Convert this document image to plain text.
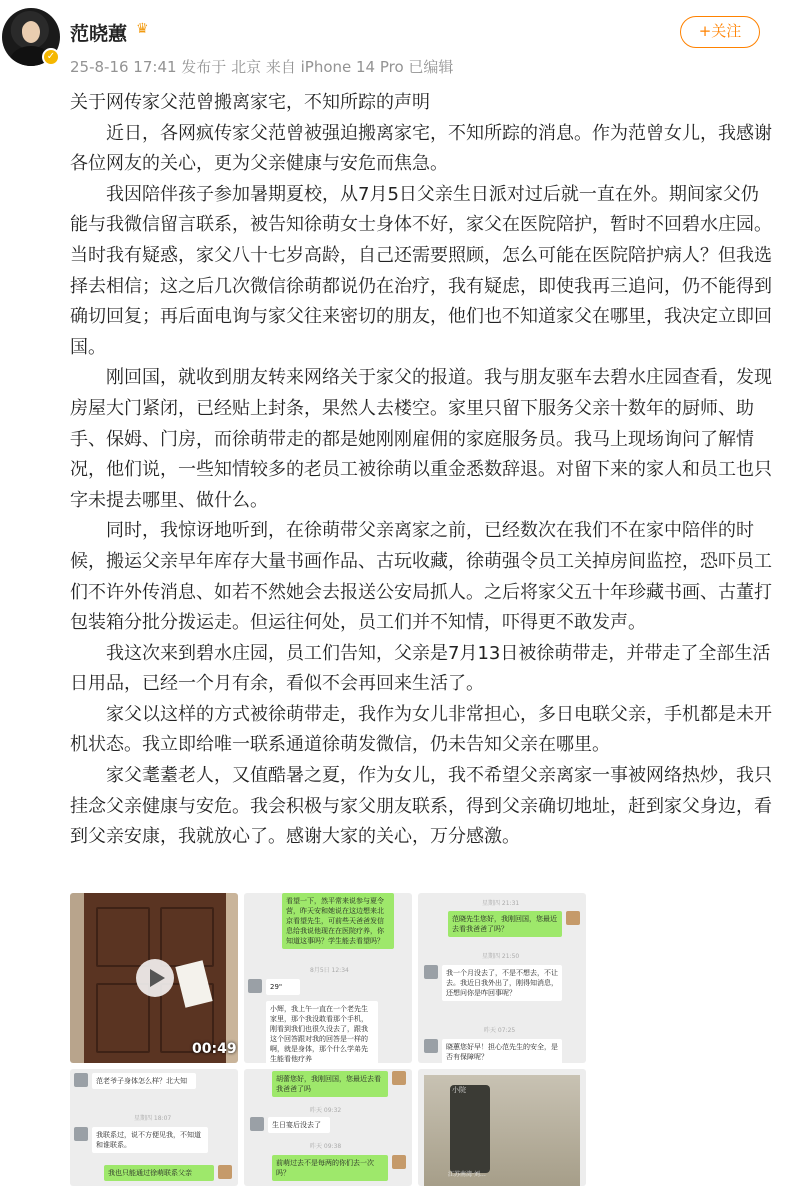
✓
范晓蕙 ♛
25-8-16 17:41 发布于 北京 来自 iPhone 14 Pro 已编辑
+关注

关于网传家父范曾搬离家宅，不知所踪的声明

近日，各网疯传家父范曾被强迫搬离家宅，不知所踪的消息。作为范曾女儿，我感谢各位网友的关心，更为父亲健康与安危而焦急。

我因陪伴孩子参加暑期夏校，从7月5日父亲生日派对过后就一直在外。期间家父仍能与我微信留言联系，被告知徐萌女士身体不好，家父在医院陪护，暂时不回碧水庄园。当时我有疑惑，家父八十七岁高龄，自己还需要照顾，怎么可能在医院陪护病人？但我选择去相信；这之后几次微信徐萌都说仍在治疗，我有疑虑，即使我再三追问，仍不能得到确切回复；再后面电询与家父往来密切的朋友，他们也不知道家父在哪里，我决定立即回国。

刚回国，就收到朋友转来网络关于家父的报道。我与朋友驱车去碧水庄园查看，发现房屋大门紧闭，已经贴上封条，果然人去楼空。家里只留下服务父亲十数年的厨师、助手、保姆、门房，而徐萌带走的都是她刚刚雇佣的家庭服务员。我马上现场询问了解情况，他们说，一些知情较多的老员工被徐萌以重金悉数辞退。对留下来的家人和员工也只字未提去哪里、做什么。

同时，我惊讶地听到，在徐萌带父亲离家之前，已经数次在我们不在家中陪伴的时候，搬运父亲早年库存大量书画作品、古玩收藏，徐萌强令员工关掉房间监控，恐吓员工们不许外传消息、如若不然她会去报送公安局抓人。之后将家父五十年珍藏书画、古董打包装箱分批分拨运走。但运往何处，员工们并不知情，吓得更不敢发声。

我这次来到碧水庄园，员工们告知，父亲是7月13日被徐萌带走，并带走了全部生活日用品，已经一个月有余，看似不会再回来生活了。

家父以这样的方式被徐萌带走，我作为女儿非常担心，多日电联父亲，手机都是未开机状态。我立即给唯一联系通道徐萌发微信，仍未告知父亲在哪里。

家父耄耋老人，又值酷暑之夏，作为女儿，我不希望父亲离家一事被网络热炒，我只挂念父亲健康与安危。我会积极与家父朋友联系，得到父亲确切地址，赶到家父身边，看到父亲安康，我就放心了。感谢大家的关心，万分感激。

00:49
看望一下，然平常来说参与夏令营，昨天安和她说在这边想来北京看望先生，可前些天爸爸发信息给我说他现在在医院疗养，你知道这事吗？学生能去看望吗？
8月5日 12:34
29"
小辉，我上午一直在一个老先生家里，那个我没敢看那个手机，刚看到我们也很久没去了，跟我这个回答跟对我的回答是一样的啊，就是身体，那个什么学弟先生能看他疗养
星期四 21:31
范晓先生您好，我刚回国，您最近去看我爸爸了吗？
星期四 21:50
我一个月没去了，不是不想去，不让去。我近日我外出了，刚得知消息，还想问你是咋回事呢？
昨天 07:25
晓蕙您好早！担心范先生的安全，是否有保障呢？
范老爷子身体怎么样？北大知
星期四 18:07
我联系过，说不方便见我，不知道和谁联系。
我也只能通过徐萌联系父亲
胡蕾您好，我刚回国，您最近去看我爸爸了吗
昨天 09:32
生日宴后没去了
昨天 09:38
前萌过去不是每两的你们去一次吗？
小院
江苏南湾·刘…
